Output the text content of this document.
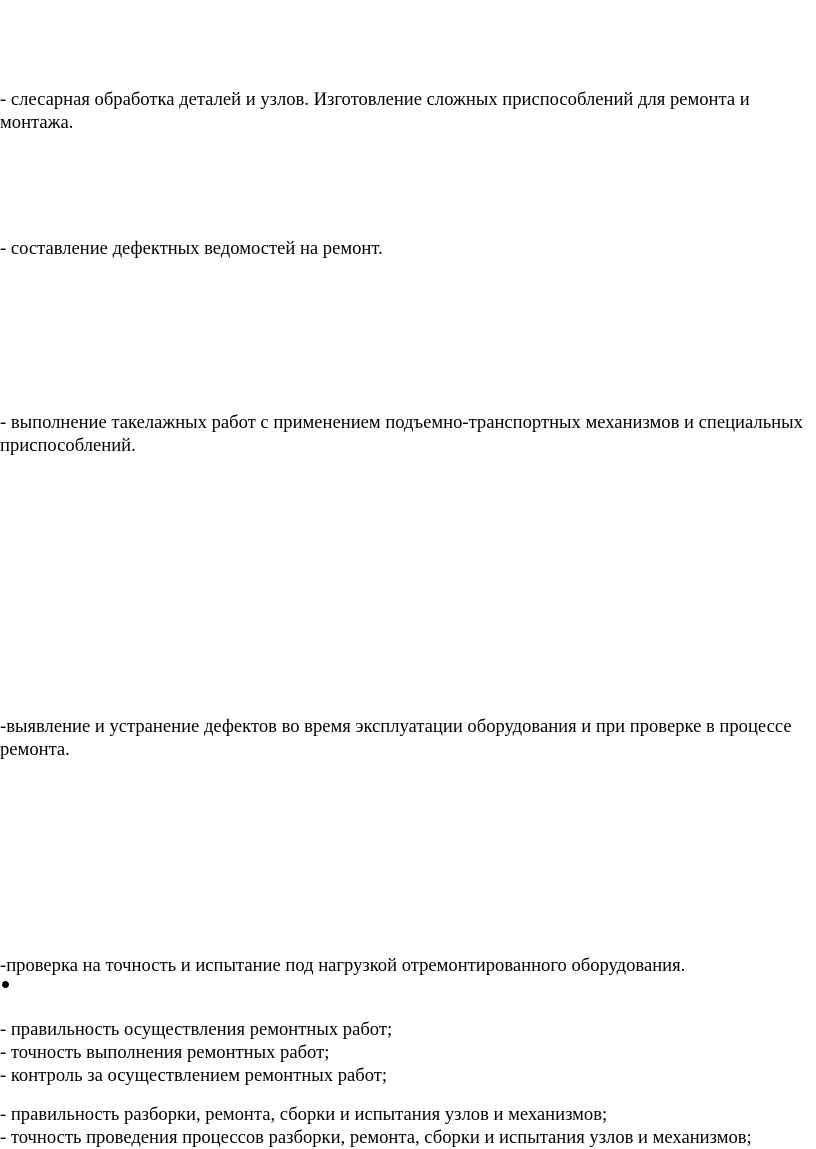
- слесарная обработка деталей и узлов. Изготовление сложных приспособлений для ремонта и

монтажа.

- составление дефектных ведомостей на ремонт.

- выполнение такелажных работ с применением подъемно-транспортных механизмов и специальных

приспособлений.

-выявление и устранение дефектов во время эксплуатации оборудования и при проверке в процессе

ремонта.

-проверка на точность и испытание под нагрузкой отремонтированного оборудования.

- правильность осуществления ремонтных работ;

- точность выполнения ремонтных работ;

- контроль за осуществлением ремонтных работ;

- правильность разборки, ремонта, сборки и испытания узлов и механизмов;

- точность проведения процессов разборки, ремонта, сборки и испытания узлов и механизмов;
